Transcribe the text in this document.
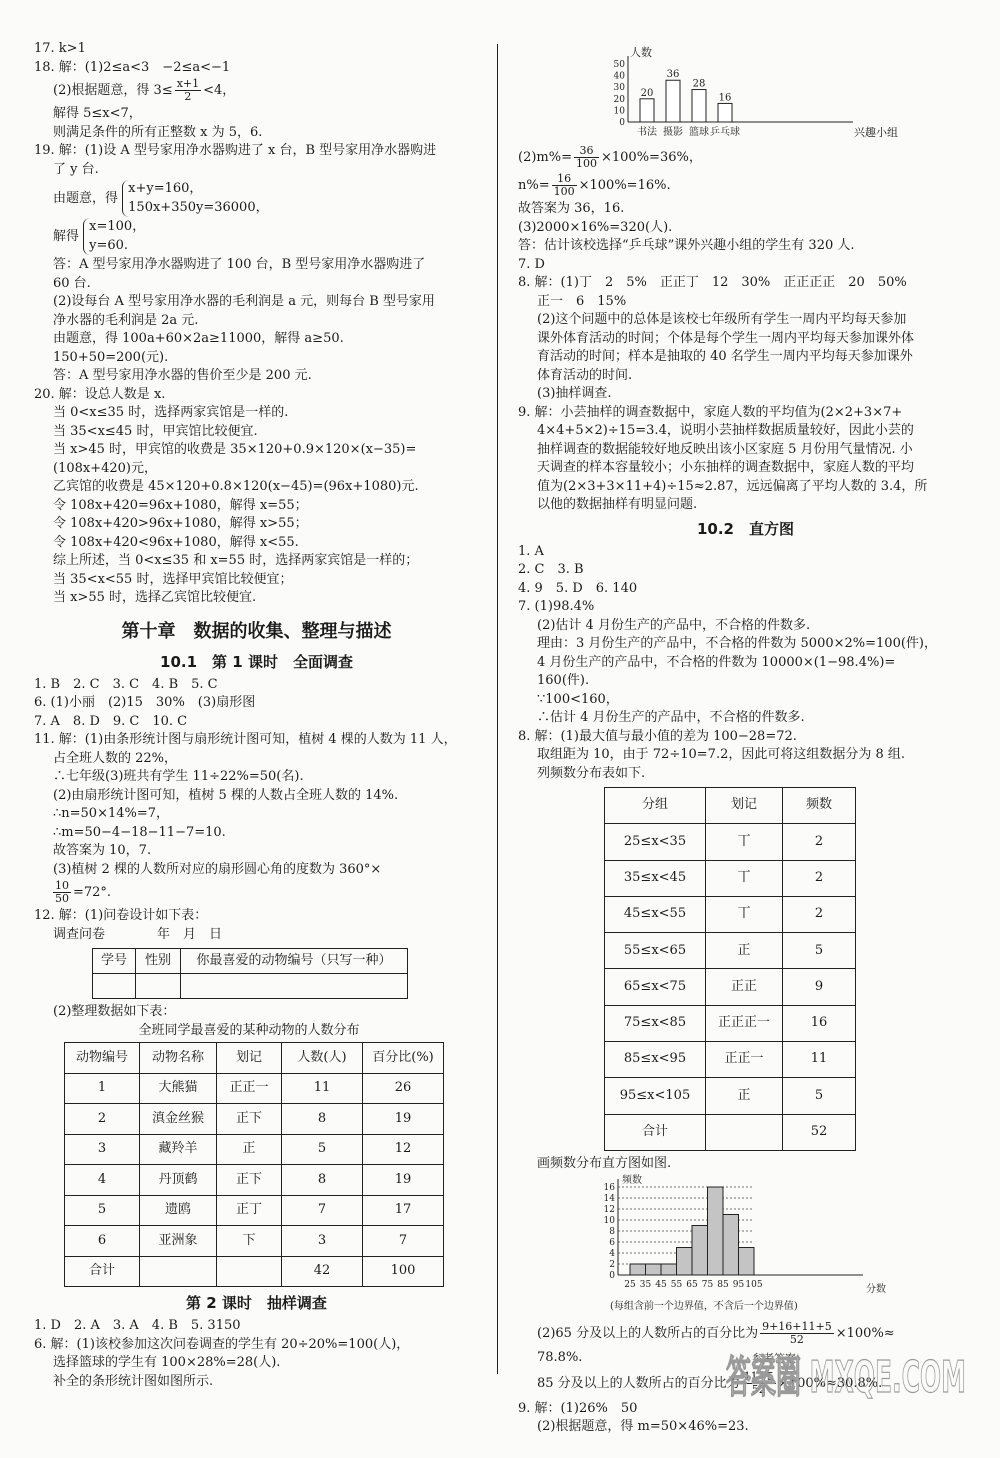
17. k>1

18. 解：(1)2≤a<3　−2≤a<−1

(2)根据题意，得 $3\le \frac{x+1}{2} <4$，

解得 5≤x<7，

则满足条件的所有正整数 x 为 5，6.

19. 解：(1)设 A 型号家用净水器购进了 x 台，B 型号家用净水器购进

了 y 台.

由题意，得
x+y=160，
150x+350y=36000，
解得
x=100，
y=60.

答：A 型号家用净水器购进了 100 台，B 型号家用净水器购进了

60 台.

(2)设每台 A 型号家用净水器的毛利润是 a 元，则每台 B 型号家用

净水器的毛利润是 2a 元.

由题意，得 100a+60×2a≥11000，解得 a≥50.

150+50=200(元).

答：A 型号家用净水器的售价至少是 200 元.

20. 解：设总人数是 x.

当 0<x≤35 时，选择两家宾馆是一样的.

当 35<x≤45 时，甲宾馆比较便宜.

当 x>45 时，甲宾馆的收费是 35×120+0.9×120×(x−35)=

(108x+420)元，

乙宾馆的收费是 45×120+0.8×120(x−45)=(96x+1080)元.

令 108x+420=96x+1080，解得 x=55；

令 108x+420>96x+1080，解得 x>55；

令 108x+420<96x+1080，解得 x<55.

综上所述，当 0<x≤35 和 x=55 时，选择两家宾馆是一样的；

当 35<x<55 时，选择甲宾馆比较便宜；

当 x>55 时，选择乙宾馆比较便宜.

第十章　数据的收集、整理与描述
10.1　第 1 课时　全面调查

1. B　2. C　3. C　4. B　5. C

6. (1)小丽　(2)15　30%　(3)扇形图

7. A　8. D　9. C　10. C

11. 解：(1)由条形统计图与扇形统计图可知，植树 4 棵的人数为 11 人，

占全班人数的 22%，

∴七年级(3)班共有学生 11÷22%=50(名).

(2)由扇形统计图可知，植树 5 棵的人数占全班人数的 14%.

∴n=50×14%=7，

∴m=50−4−18−11−7=10.

故答案为 10，7.

(3)植树 2 棵的人数所对应的扇形圆心角的度数为 360°×

$\frac{10}{50} =72^\circ$.

12. 解：(1)问卷设计如下表：

调查问卷　　　　年　月　日

学号	性别	你最喜爱的动物编号（只写一种）

(2)整理数据如下表：

全班同学最喜爱的某种动物的人数分布

动物编号	动物名称	划记	人数(人)	百分比(%)
1	大熊猫	正正一	11	26
2	滇金丝猴	正下	8	19
3	藏羚羊	正	5	12
4	丹顶鹤	正下	8	19
5	遗鸥	正丁	7	17
6	亚洲象	下	3	7
合计			42	100
第 2 课时　抽样调查

1. D　2. A　3. A　4. B　5. 3150

6. 解：(1)该校参加这次问卷调查的学生有 20÷20%=100(人)，

选择篮球的学生有 100×28%=28(人).

补全的条形统计图如图所示.

人数
兴趣小组
0
10
20
30
40
50
20
书法
36
摄影
28
篮球
16
乒乓球

$(2)m\%= \frac{36}{100} \times 100\%=36\%$，

$n\%= \frac{16}{100} \times 100\%=16\%$.

故答案为 36，16.

(3)2000×16%=320(人).

答：估计该校选择“乒乓球”课外兴趣小组的学生有 320 人.

7. D

8. 解：(1)丁　2　5%　正正丁　12　30%　正正正正　20　50%

正一　6　15%

(2)这个问题中的总体是该校七年级所有学生一周内平均每天参加

课外体育活动的时间；个体是每个学生一周内平均每天参加课外体

育活动的时间；样本是抽取的 40 名学生一周内平均每天参加课外

体育活动的时间.

(3)抽样调查.

9. 解：小芸抽样的调查数据中，家庭人数的平均值为(2×2+3×7+

4×4+5×2)÷15=3.4，说明小芸抽样数据质量较好，因此小芸的

抽样调查的数据能较好地反映出该小区家庭 5 月份用气量情况. 小

天调查的样本容量较小；小东抽样的调查数据中，家庭人数的平均

值为(2×3+3×11+4)÷15≈2.87，远远偏离了平均人数的 3.4，所

以他的数据抽样有明显问题.

10.2　直方图

1. A

2. C　3. B

4. 9　5. D　6. 140

7. (1)98.4%

(2)估计 4 月份生产的产品中，不合格的件数多.

理由：3 月份生产的产品中，不合格的件数为 5000×2%=100(件)，

4 月份生产的产品中，不合格的件数为 10000×(1−98.4%)=

160(件).

∵100<160，

∴估计 4 月份生产的产品中，不合格的件数多.

8. 解：(1)最大值与最小值的差为 100−28=72.

取组距为 10，由于 72÷10=7.2，因此可将这组数据分为 8 组.

列频数分布表如下.

分组	划记	频数
25≤x<35	丅	2
35≤x<45	丅	2
45≤x<55	丅	2
55≤x<65	正	5
65≤x<75	正正	9
75≤x<85	正正正一	16
85≤x<95	正正一	11
95≤x<105	正	5
合计		52

画频数分布直方图如图.

频数
分数
0
2
4
6
8
10
12
14
16
25 35 45 55 65 75 85 95 105
(每组含前一个边界值，不含后一个边界值)

(2)65 分及以上的人数所占的百分比为 $\frac{9+16+11+5}{52} \times 100\%\approx$

78.8%.

85 分及以上的人数所占的百分比为 $\frac{11+5}{52} \times 100\%\approx 30.8\%$.

9. 解：(1)26%　50

(2)根据题意，得 m=50×46%=23.

参考答案
答案圈 MXQE.COM
